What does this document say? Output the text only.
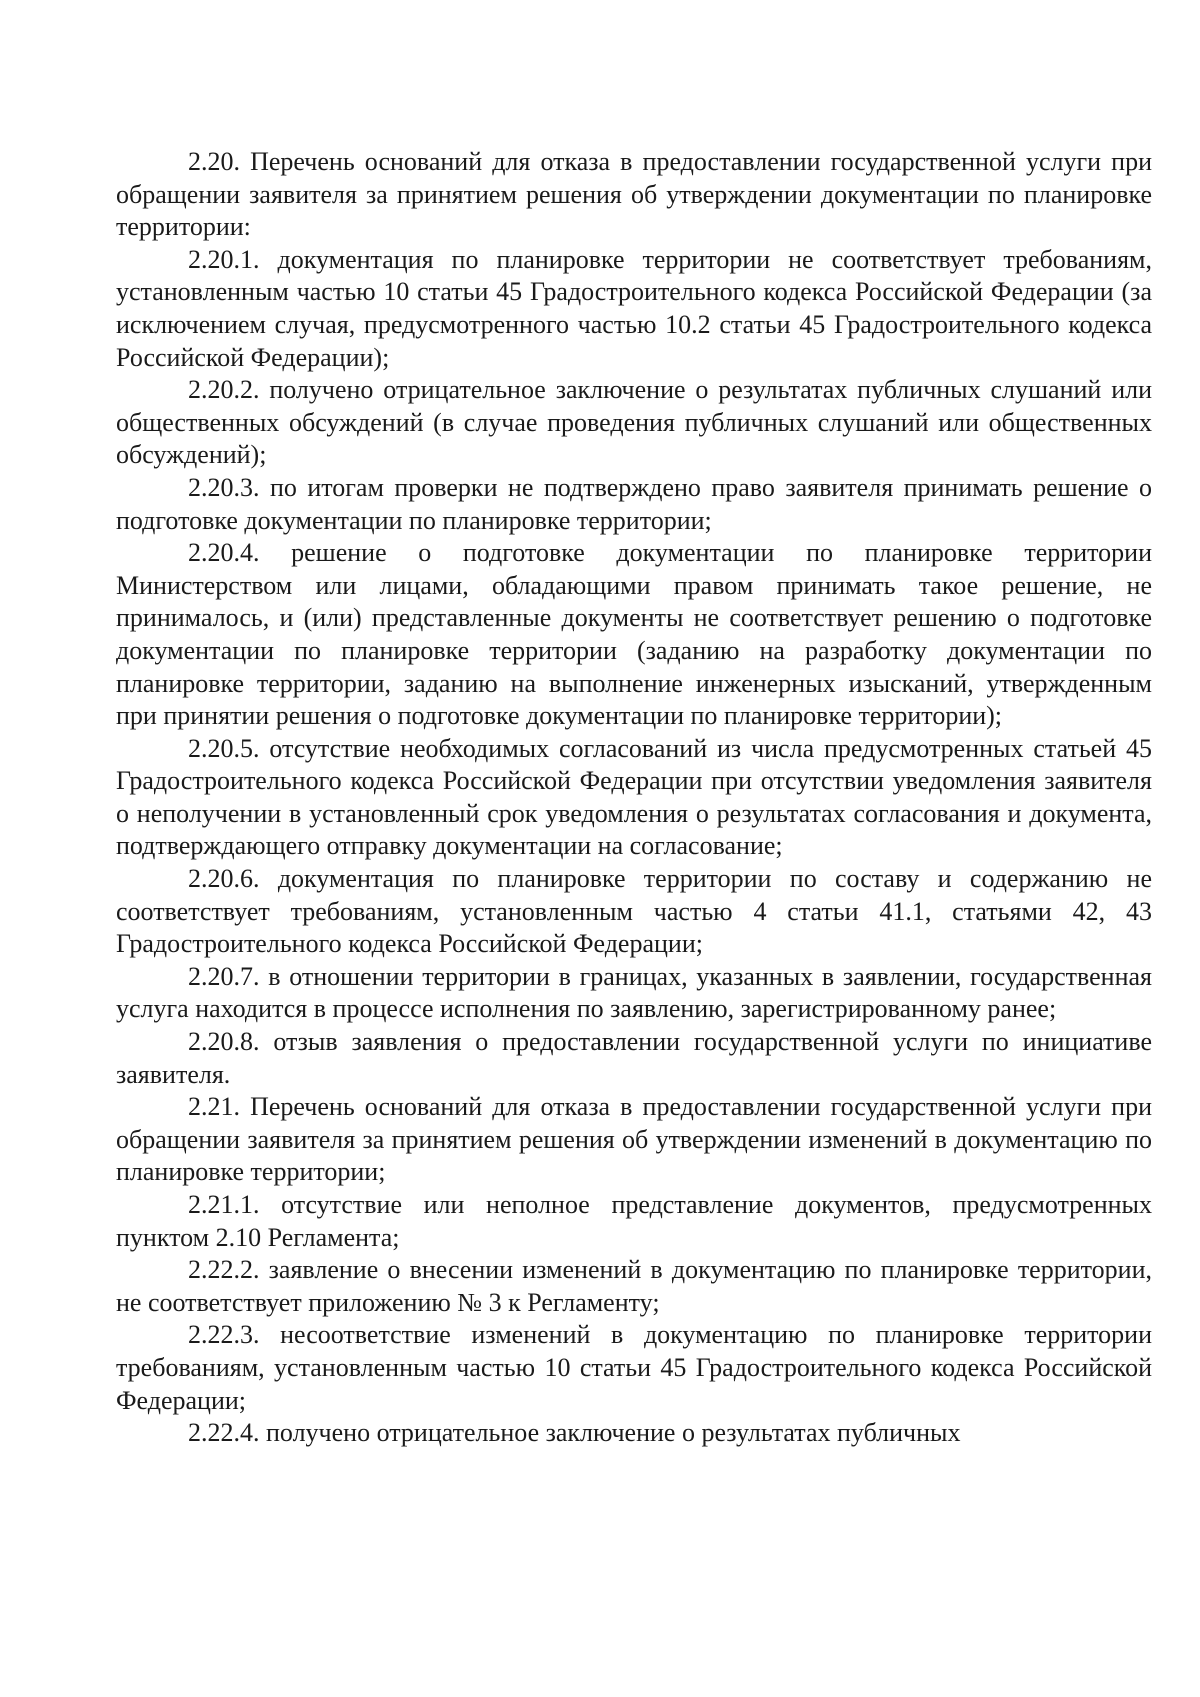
2.20. Перечень оснований для отказа в предоставлении государственной услуги при обращении заявителя за принятием решения об утверждении документации по планировке территории:

2.20.1. документация по планировке территории не соответствует требованиям, установленным частью 10 статьи 45 Градостроительного кодекса Российской Федерации (за исключением случая, предусмотренного частью 10.2 статьи 45 Градостроительного кодекса Российской Федерации);

2.20.2. получено отрицательное заключение о результатах публичных слушаний или общественных обсуждений (в случае проведения публичных слушаний или общественных обсуждений);

2.20.3. по итогам проверки не подтверждено право заявителя принимать решение о подготовке документации по планировке территории;

2.20.4. решение о подготовке документации по планировке территории Министерством или лицами, обладающими правом принимать такое решение, не принималось, и (или) представленные документы не соответствует решению о подготовке документации по планировке территории (заданию на разработку документации по планировке территории, заданию на выполнение инженерных изысканий, утвержденным при принятии решения о подготовке документации по планировке территории);

2.20.5. отсутствие необходимых согласований из числа предусмотренных статьей 45 Градостроительного кодекса Российской Федерации при отсутствии уведомления заявителя о неполучении в установленный срок уведомления о результатах согласования и документа, подтверждающего отправку документации на согласование;

2.20.6. документация по планировке территории по составу и содержанию не соответствует требованиям, установленным частью 4 статьи 41.1, статьями 42, 43 Градостроительного кодекса Российской Федерации;

2.20.7. в отношении территории в границах, указанных в заявлении, государственная услуга находится в процессе исполнения по заявлению, зарегистрированному ранее;

2.20.8. отзыв заявления о предоставлении государственной услуги по инициативе заявителя.

2.21. Перечень оснований для отказа в предоставлении государственной услуги при обращении заявителя за принятием решения об утверждении изменений в документацию по планировке территории;

2.21.1. отсутствие или неполное представление документов, предусмотренных пунктом 2.10 Регламента;

2.22.2. заявление о внесении изменений в документацию по планировке территории, не соответствует приложению № 3 к Регламенту;

2.22.3. несоответствие изменений в документацию по планировке территории требованиям, установленным частью 10 статьи 45 Градостроительного кодекса Российской Федерации;

2.22.4. получено отрицательное заключение о результатах публичных
